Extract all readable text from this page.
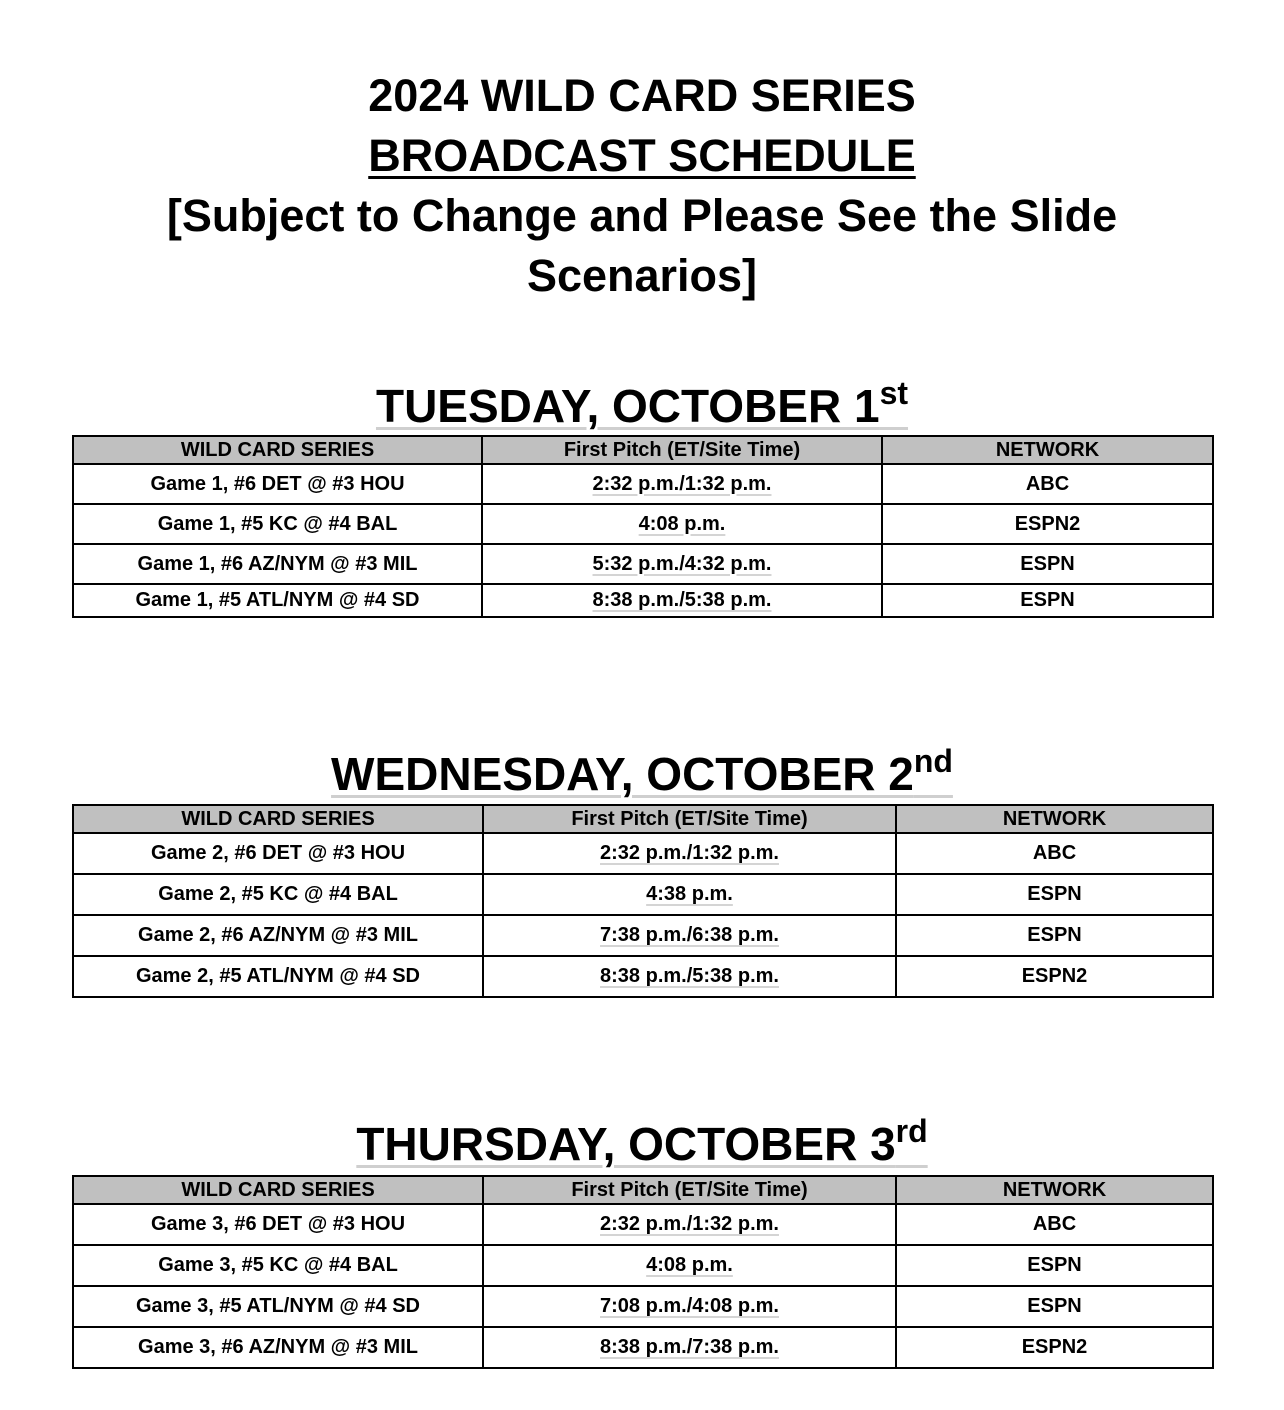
2024 WILD CARD SERIES

BROADCAST SCHEDULE

[Subject to Change and Please See the Slide

Scenarios]

TUESDAY, OCTOBER 1st
WILD CARD SERIES	First Pitch (ET/Site Time)	NETWORK
Game 1, #6 DET @ #3 HOU	2:32 p.m./1:32 p.m.	ABC
Game 1, #5 KC @ #4 BAL	4:08 p.m.	ESPN2
Game 1, #6 AZ/NYM @ #3 MIL	5:32 p.m./4:32 p.m.	ESPN
Game 1, #5 ATL/NYM @ #4 SD	8:38 p.m./5:38 p.m.	ESPN
WEDNESDAY, OCTOBER 2nd
WILD CARD SERIES	First Pitch (ET/Site Time)	NETWORK
Game 2, #6 DET @ #3 HOU	2:32 p.m./1:32 p.m.	ABC
Game 2, #5 KC @ #4 BAL	4:38 p.m.	ESPN
Game 2, #6 AZ/NYM @ #3 MIL	7:38 p.m./6:38 p.m.	ESPN
Game 2, #5 ATL/NYM @ #4 SD	8:38 p.m./5:38 p.m.	ESPN2
THURSDAY, OCTOBER 3rd
WILD CARD SERIES	First Pitch (ET/Site Time)	NETWORK
Game 3, #6 DET @ #3 HOU	2:32 p.m./1:32 p.m.	ABC
Game 3, #5 KC @ #4 BAL	4:08 p.m.	ESPN
Game 3, #5 ATL/NYM @ #4 SD	7:08 p.m./4:08 p.m.	ESPN
Game 3, #6 AZ/NYM @ #3 MIL	8:38 p.m./7:38 p.m.	ESPN2
